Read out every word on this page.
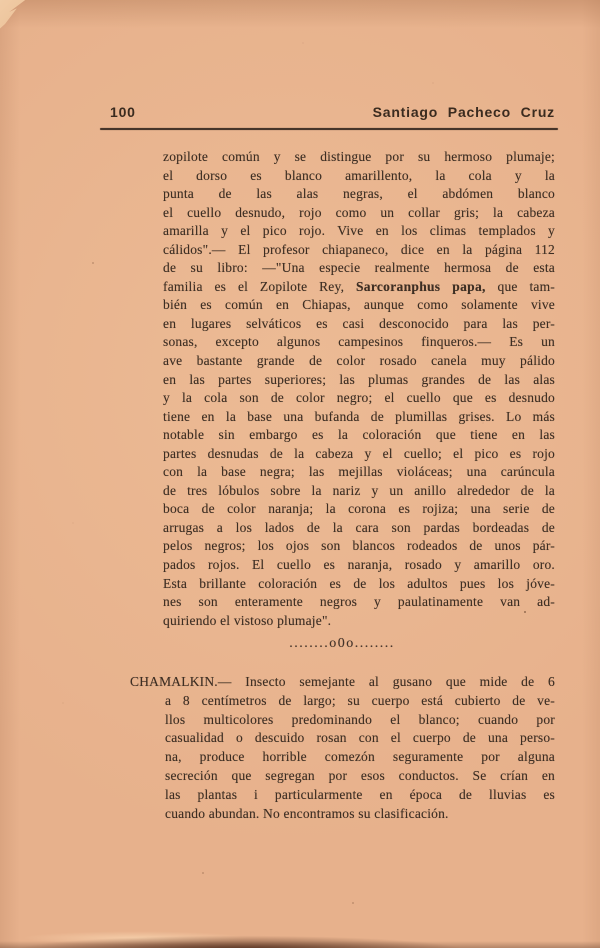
100	Santiago Pacheco Cruz
zopilote común y se distingue por su hermoso plumaje;
el dorso es blanco amarillento, la cola y la
punta de las alas negras, el abdómen blanco
el cuello desnudo, rojo como un collar gris; la cabeza
amarilla y el pico rojo. Vive en los climas templados y
cálidos".— El profesor chiapaneco, dice en la página 112
de su libro: —"Una especie realmente hermosa de esta
familia es el Zopilote Rey, Sarcoranphus papa, que tam-
bién es común en Chiapas, aunque como solamente vive
en lugares selváticos es casi desconocido para las per-
sonas, excepto algunos campesinos finqueros.— Es un
ave bastante grande de color rosado canela muy pálido
en las partes superiores; las plumas grandes de las alas
y la cola son de color negro; el cuello que es desnudo
tiene en la base una bufanda de plumillas grises. Lo más
notable sin embargo es la coloración que tiene en las
partes desnudas de la cabeza y el cuello; el pico es rojo
con la base negra; las mejillas violáceas; una carúncula
de tres lóbulos sobre la nariz y un anillo alrededor de la
boca de color naranja; la corona es rojiza; una serie de
arrugas a los lados de la cara son pardas bordeadas de
pelos negros; los ojos son blancos rodeados de unos pár-
pados rojos. El cuello es naranja, rosado y amarillo oro.
Esta brillante coloración es de los adultos pues los jóve-
nes son enteramente negros y paulatinamente van ad-
quiriendo el vistoso plumaje".
........o0o........
CHAMALKIN.— Insecto semejante al gusano que mide de 6
a 8 centímetros de largo; su cuerpo está cubierto de ve-
llos multicolores predominando el blanco; cuando por
casualidad o descuido rosan con el cuerpo de una perso-
na, produce horrible comezón seguramente por alguna
secreción que segregan por esos conductos. Se crían en
las plantas i particularmente en época de lluvias es
cuando abundan. No encontramos su clasificación.
